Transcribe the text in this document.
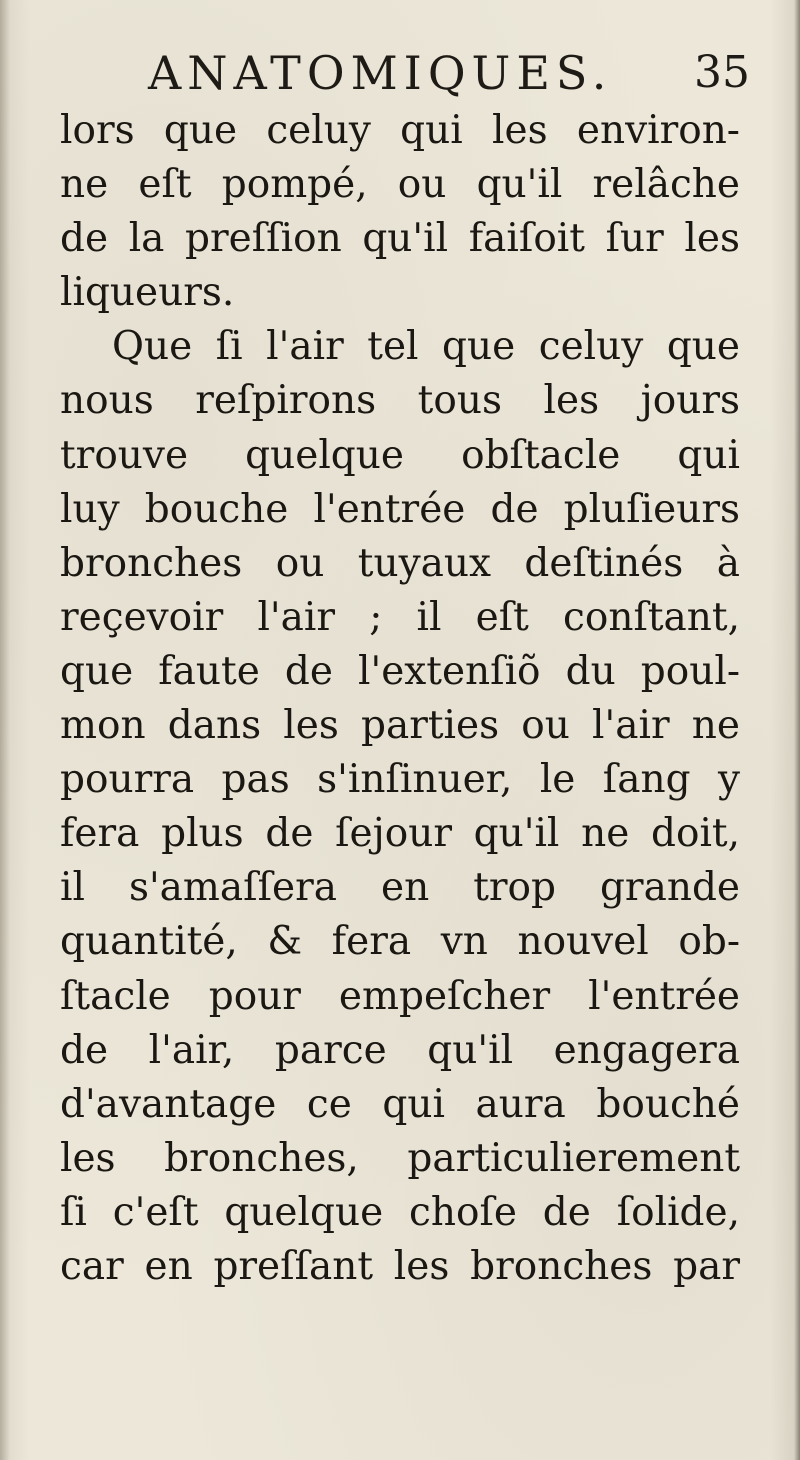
ANATOMIQUES. 35
lors que celuy qui les environ-
ne eſt pompé, ou qu'il relâche
de la preſſion qu'il faiſoit ſur les
liqueurs.
Que ſi l'air tel que celuy que
nous reſpirons tous les jours
trouve quelque obſtacle qui
luy bouche l'entrée de pluſieurs
bronches ou tuyaux deſtinés à
reçevoir l'air ; il eſt conſtant,
que faute de l'extenſiõ du poul-
mon dans les parties ou l'air ne
pourra pas s'inſinuer, le ſang y
fera plus de ſejour qu'il ne doit,
il s'amaſſera en trop grande
quantité, & fera vn nouvel ob-
ſtacle pour empeſcher l'entrée
de l'air, parce qu'il engagera
d'avantage ce qui aura bouché
les bronches, particulierement
ſi c'eſt quelque choſe de ſolide,
car en preſſant les bronches par
